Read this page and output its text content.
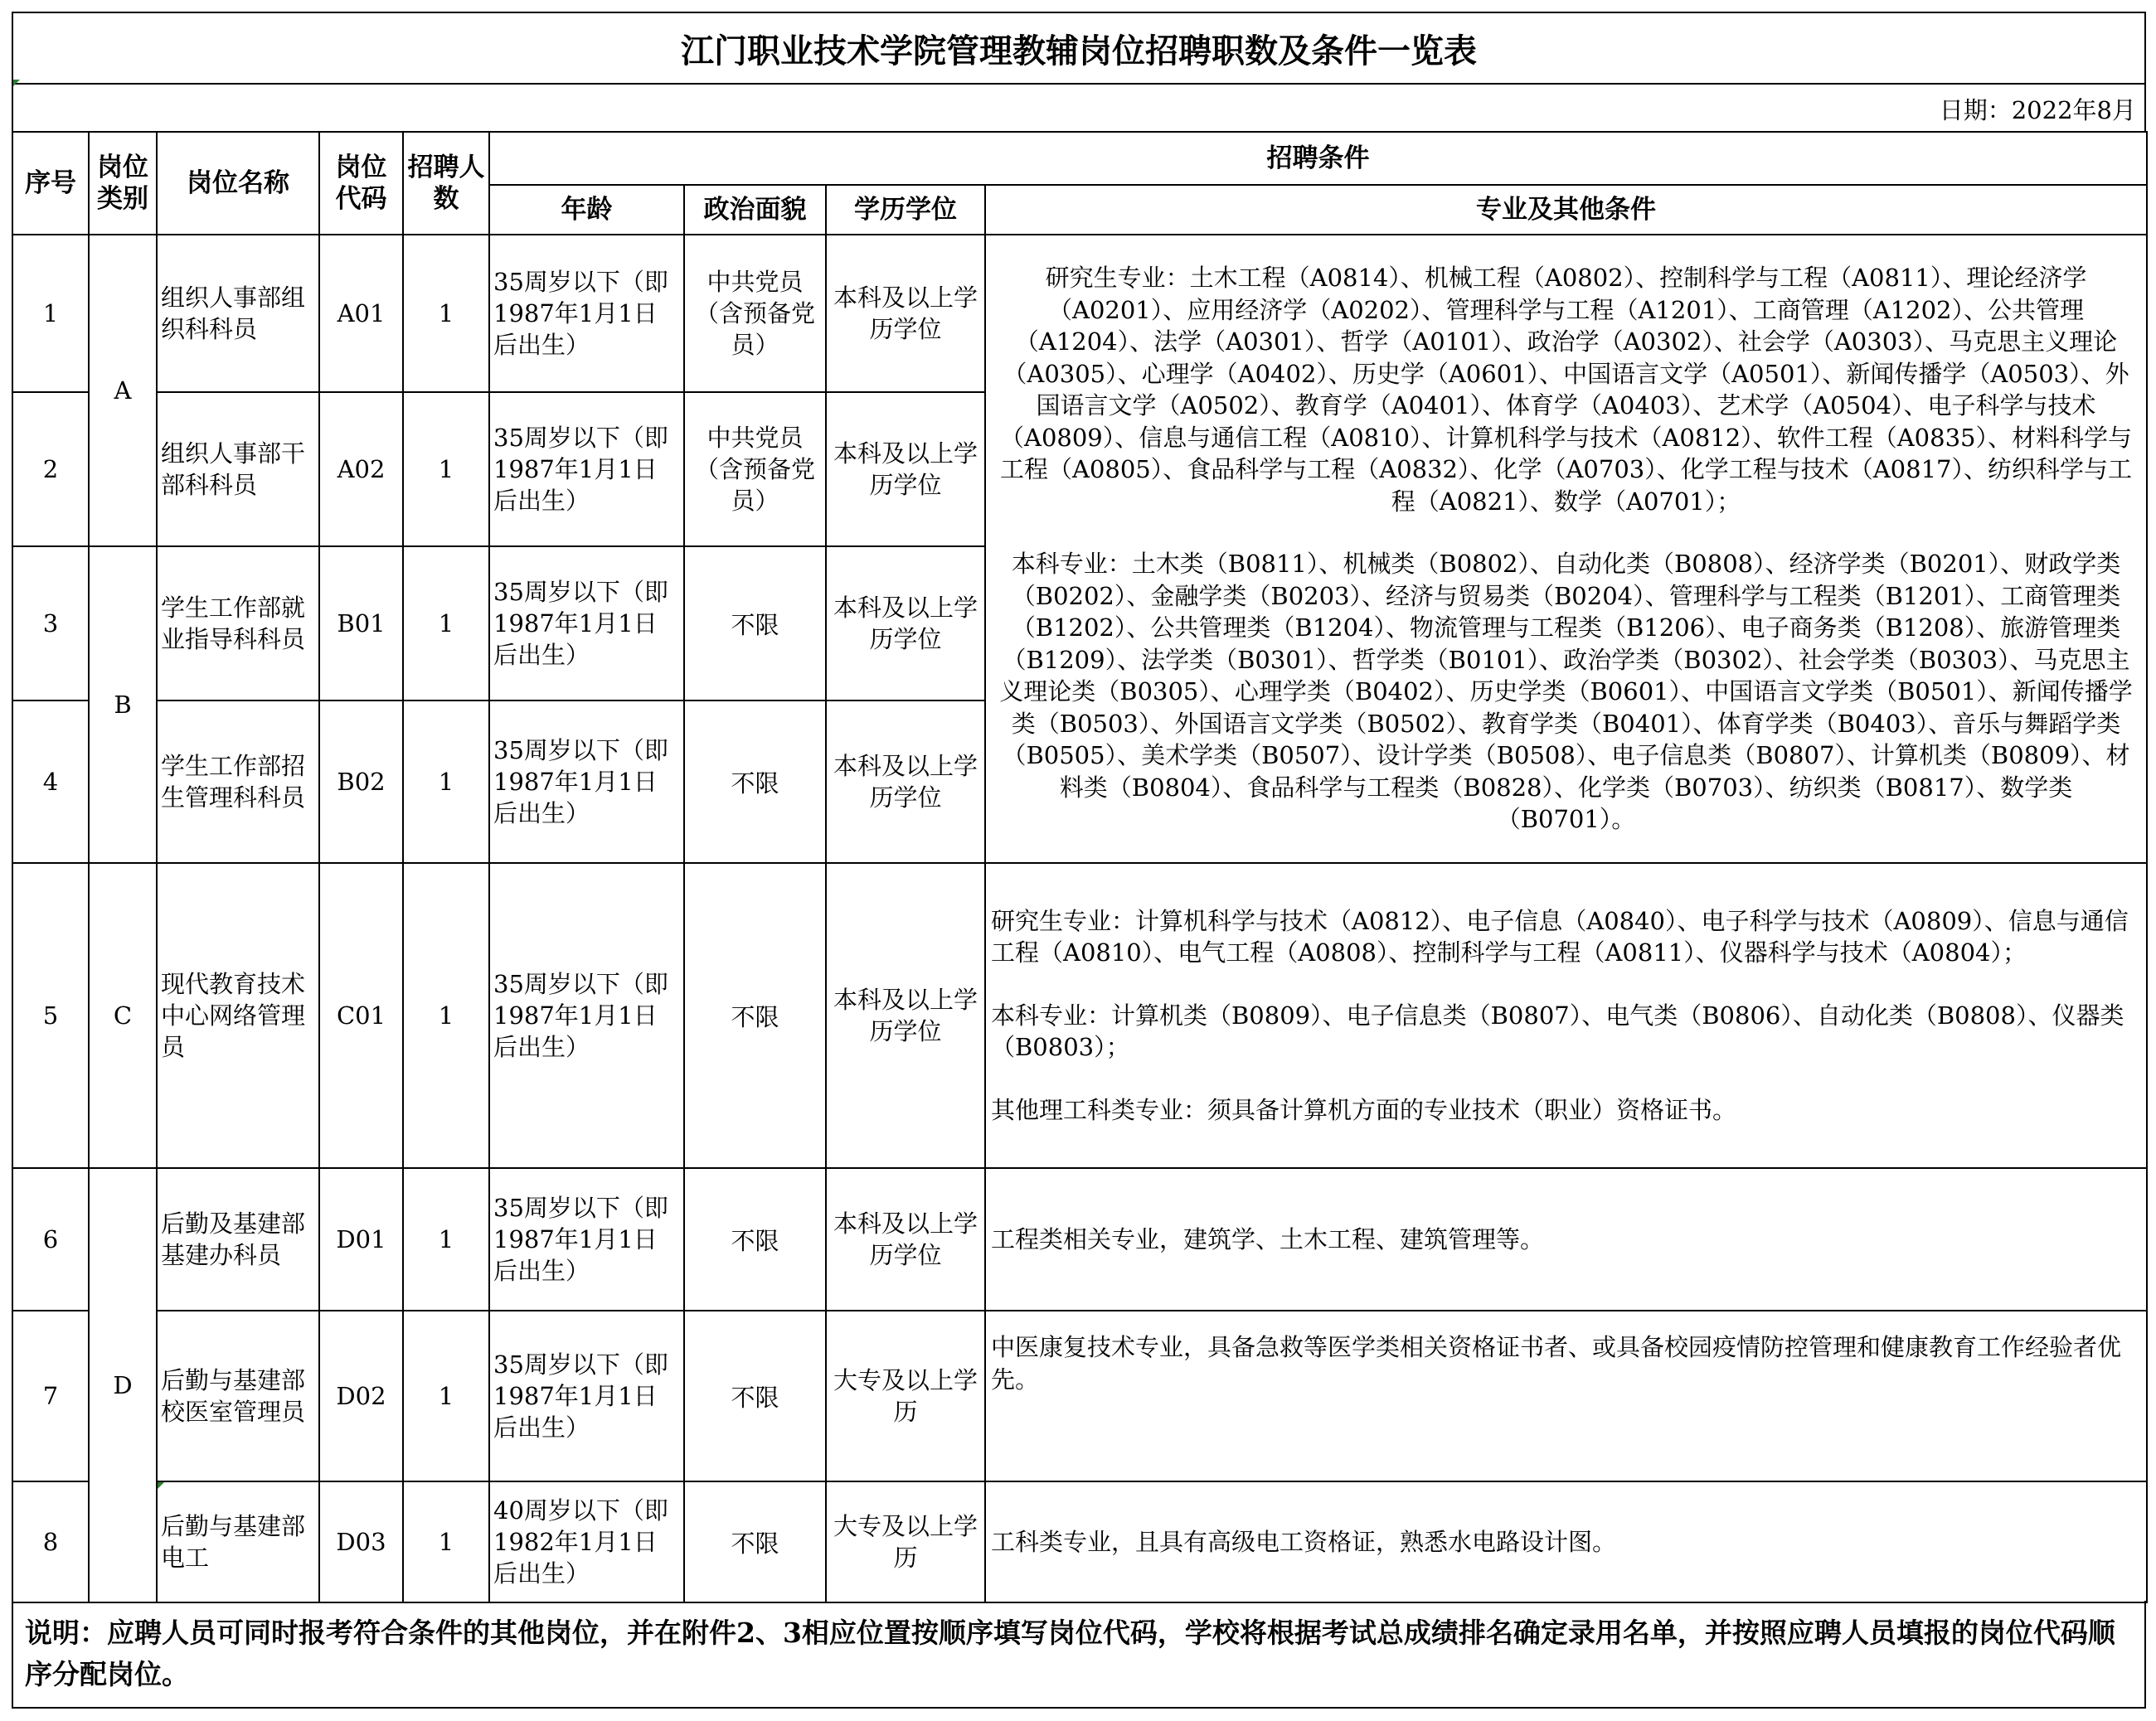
江门职业技术学院管理教辅岗位招聘职数及条件一览表
日期：2022年8月
序号	岗位类别	岗位名称	岗位代码	招聘人数	招聘条件			
					年龄	政治面貌	学历学位	专业及其他条件
1	A	组织人事部组织科科员	A01	1	35周岁以下（即1987年1月1日后出生）	中共党员（含预备党员）	本科及以上学历学位	研究生专业：土木工程（A0814）、机械工程（A0802）、控制科学与工程（A0811）、理论经济学（A0201）、应用经济学（A0202）、管理科学与工程（A1201）、工商管理（A1202）、公共管理（A1204）、法学（A0301）、哲学（A0101）、政治学（A0302）、社会学（A0303）、马克思主义理论（A0305）、心理学（A0402）、历史学（A0601）、中国语言文学（A0501）、新闻传播学（A0503）、外国语言文学（A0502）、教育学（A0401）、体育学（A0403）、艺术学（A0504）、电子科学与技术（A0809）、信息与通信工程（A0810）、计算机科学与技术（A0812）、软件工程（A0835）、材料科学与工程（A0805）、食品科学与工程（A0832）、化学（A0703）、化学工程与技术（A0817）、纺织科学与工程（A0821）、数学（A0701）；

本科专业：土木类（B0811）、机械类（B0802）、自动化类（B0808）、经济学类（B0201）、财政学类（B0202）、金融学类（B0203）、经济与贸易类（B0204）、管理科学与工程类（B1201）、工商管理类（B1202）、公共管理类（B1204）、物流管理与工程类（B1206）、电子商务类（B1208）、旅游管理类（B1209）、法学类（B0301）、哲学类（B0101）、政治学类（B0302）、社会学类（B0303）、马克思主义理论类（B0305）、心理学类（B0402）、历史学类（B0601）、中国语言文学类（B0501）、新闻传播学类（B0503）、外国语言文学类（B0502）、教育学类（B0401）、体育学类（B0403）、音乐与舞蹈学类（B0505）、美术学类（B0507）、设计学类（B0508）、电子信息类（B0807）、计算机类（B0809）、材料类（B0804）、食品科学与工程类（B0828）、化学类（B0703）、纺织类（B0817）、数学类（B0701）。

2		组织人事部干部科科员	A02	1	35周岁以下（即1987年1月1日后出生）	中共党员（含预备党员）	本科及以上学历学位	
3	B	学生工作部就业指导科科员	B01	1	35周岁以下（即1987年1月1日后出生）	不限	本科及以上学历学位	
4		学生工作部招生管理科科员	B02	1	35周岁以下（即1987年1月1日后出生）	不限	本科及以上学历学位	
5	C	现代教育技术中心网络管理员	C01	1	35周岁以下（即1987年1月1日后出生）	不限	本科及以上学历学位	研究生专业：计算机科学与技术（A0812）、电子信息（A0840）、电子科学与技术（A0809）、信息与通信工程（A0810）、电气工程（A0808）、控制科学与工程（A0811）、仪器科学与技术（A0804）；

本科专业：计算机类（B0809）、电子信息类（B0807）、电气类（B0806）、自动化类（B0808）、仪器类（B0803）；

其他理工科类专业：须具备计算机方面的专业技术（职业）资格证书。

6	D	后勤及基建部基建办科员	D01	1	35周岁以下（即1987年1月1日后出生）	不限	本科及以上学历学位	工程类相关专业，建筑学、土木工程、建筑管理等。
7		后勤与基建部校医室管理员	D02	1	35周岁以下（即1987年1月1日后出生）	不限	大专及以上学历	中医康复技术专业，具备急救等医学类相关资格证书者、或具备校园疫情防控管理和健康教育工作经验者优先。
8		后勤与基建部电工	D03	1	40周岁以下（即1982年1月1日后出生）	不限	大专及以上学历	工科类专业，且具有高级电工资格证，熟悉水电路设计图。
说明：应聘人员可同时报考符合条件的其他岗位，并在附件2、3相应位置按顺序填写岗位代码，学校将根据考试总成绩排名确定录用名单，并按照应聘人员填报的岗位代码顺序分配岗位。
